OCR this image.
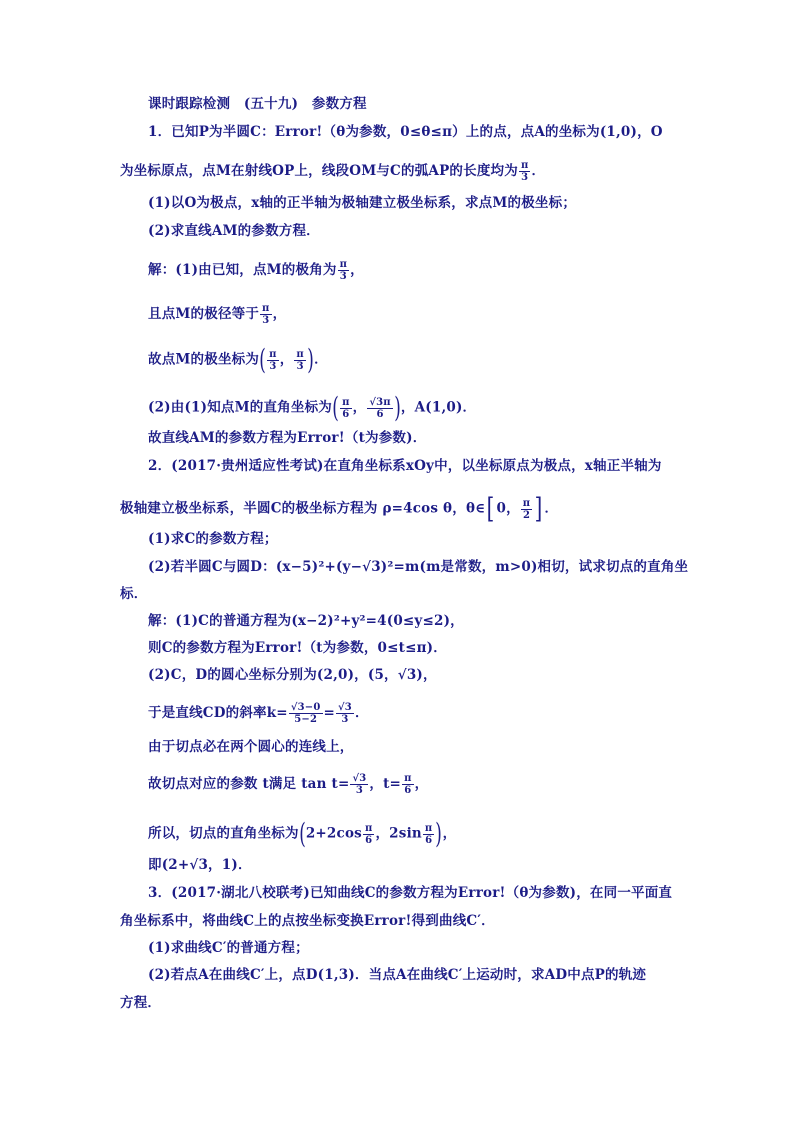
课时跟踪检测　(五十九)　参数方程
1．已知P为半圆C：Error!（θ为参数，0≤θ≤π）上的点，点A的坐标为(1,0)，O
为坐标原点，点M在射线OP上，线段OM与C的弧AP的长度均为 $\frac{\pi}{3}$ ．
(1)以O为极点，x轴的正半轴为极轴建立极坐标系，求点M的极坐标；
(2)求直线AM的参数方程．
解：(1)由已知，点M的极角为 $\frac{\pi}{3}$ ，
且点M的极径等于 $\frac{\pi}{3}$ ，
故点M的极坐标为( $\frac{\pi}{3}$ ， $\frac{\pi}{3}$ )．
(2)由(1)知点M的直角坐标为( $\frac{\pi}{6}$ ， $\frac{√3\pi}{6}$ )，A(1,0)．
故直线AM的参数方程为Error!（t为参数)．
2．(2017·贵州适应性考试)在直角坐标系xOy中，以坐标原点为极点，x轴正半轴为
极轴建立极坐标系，半圆C的极坐标方程为 ρ=4cos θ，θ∈[ 0， $\frac{\pi}{2}$ ] ．
(1)求C的参数方程；
(2)若半圆C与圆D：(x−5)²+(y−√3)²=m(m是常数，m>0)相切，试求切点的直角坐
标．
解：(1)C的普通方程为(x−2)²+y²=4(0≤y≤2)，
则C的参数方程为Error!（t为参数，0≤t≤π)．
(2)C，D的圆心坐标分别为(2,0)，(5，√3)，
于是直线CD的斜率$k= \frac{√3-0}{5-2} = \frac{√3}{3}$ ．
由于切点必在两个圆心的连线上，
故切点对应的参数 t满足 $\tan t= \frac{√3}{3}$ ，$t= \frac{\pi}{6}$ ，
所以，切点的直角坐标为($2+2\cos \frac{\pi}{6}$ ，$2\sin \frac{\pi}{6}$ )，
即(2+√3，1)．
3．(2017·湖北八校联考)已知曲线C的参数方程为Error!（θ为参数)，在同一平面直
角坐标系中，将曲线C上的点按坐标变换Error!得到曲线C′．
(1)求曲线C′的普通方程；
(2)若点A在曲线C′上，点D(1,3)．当点A在曲线C′上运动时，求AD中点P的轨迹
方程．
